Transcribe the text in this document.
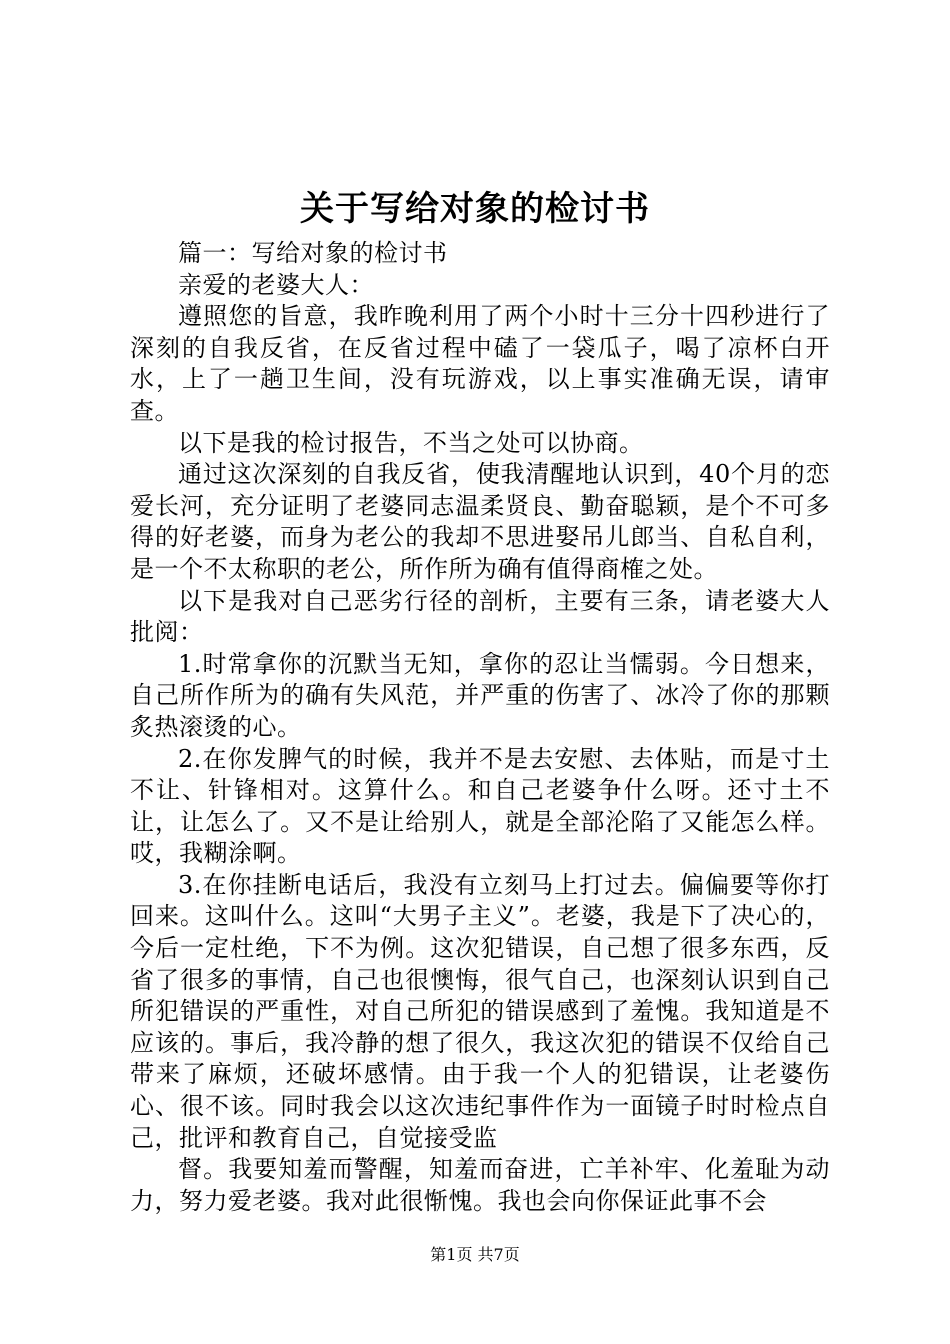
关于写给对象的检讨书

篇一：写给对象的检讨书

亲爱的老婆大人：

遵照您的旨意，我昨晚利用了两个小时十三分十四秒进行了深刻的自我反省，在反省过程中磕了一袋瓜子，喝了凉杯白开水，上了一趟卫生间，没有玩游戏，以上事实准确无误，请审查。

以下是我的检讨报告，不当之处可以协商。

通过这次深刻的自我反省，使我清醒地认识到，40个月的恋爱长河，充分证明了老婆同志温柔贤良、勤奋聪颖，是个不可多得的好老婆，而身为老公的我却不思进娶吊儿郎当、自私自利，是一个不太称职的老公，所作所为确有值得商榷之处。

以下是我对自己恶劣行径的剖析，主要有三条，请老婆大人批阅：

1.时常拿你的沉默当无知，拿你的忍让当懦弱。今日想来，自己所作所为的确有失风范，并严重的伤害了、冰冷了你的那颗炙热滚烫的心。

2.在你发脾气的时候，我并不是去安慰、去体贴，而是寸土不让、针锋相对。这算什么。和自己老婆争什么呀。还寸土不让，让怎么了。又不是让给别人，就是全部沦陷了又能怎么样。哎，我糊涂啊。

3.在你挂断电话后，我没有立刻马上打过去。偏偏要等你打回来。这叫什么。这叫“大男子主义”。老婆，我是下了决心的，今后一定杜绝，下不为例。这次犯错误，自己想了很多东西，反省了很多的事情，自己也很懊悔，很气自己，也深刻认识到自己所犯错误的严重性，对自己所犯的错误感到了羞愧。我知道是不应该的。事后，我冷静的想了很久，我这次犯的错误不仅给自己带来了麻烦，还破坏感情。由于我一个人的犯错误，让老婆伤心、很不该。同时我会以这次违纪事件作为一面镜子时时检点自己，批评和教育自己，自觉接受监

督。我要知羞而警醒，知羞而奋进，亡羊补牢、化羞耻为动力，努力爱老婆。我对此很惭愧。我也会向你保证此事不会

第1页 共7页
